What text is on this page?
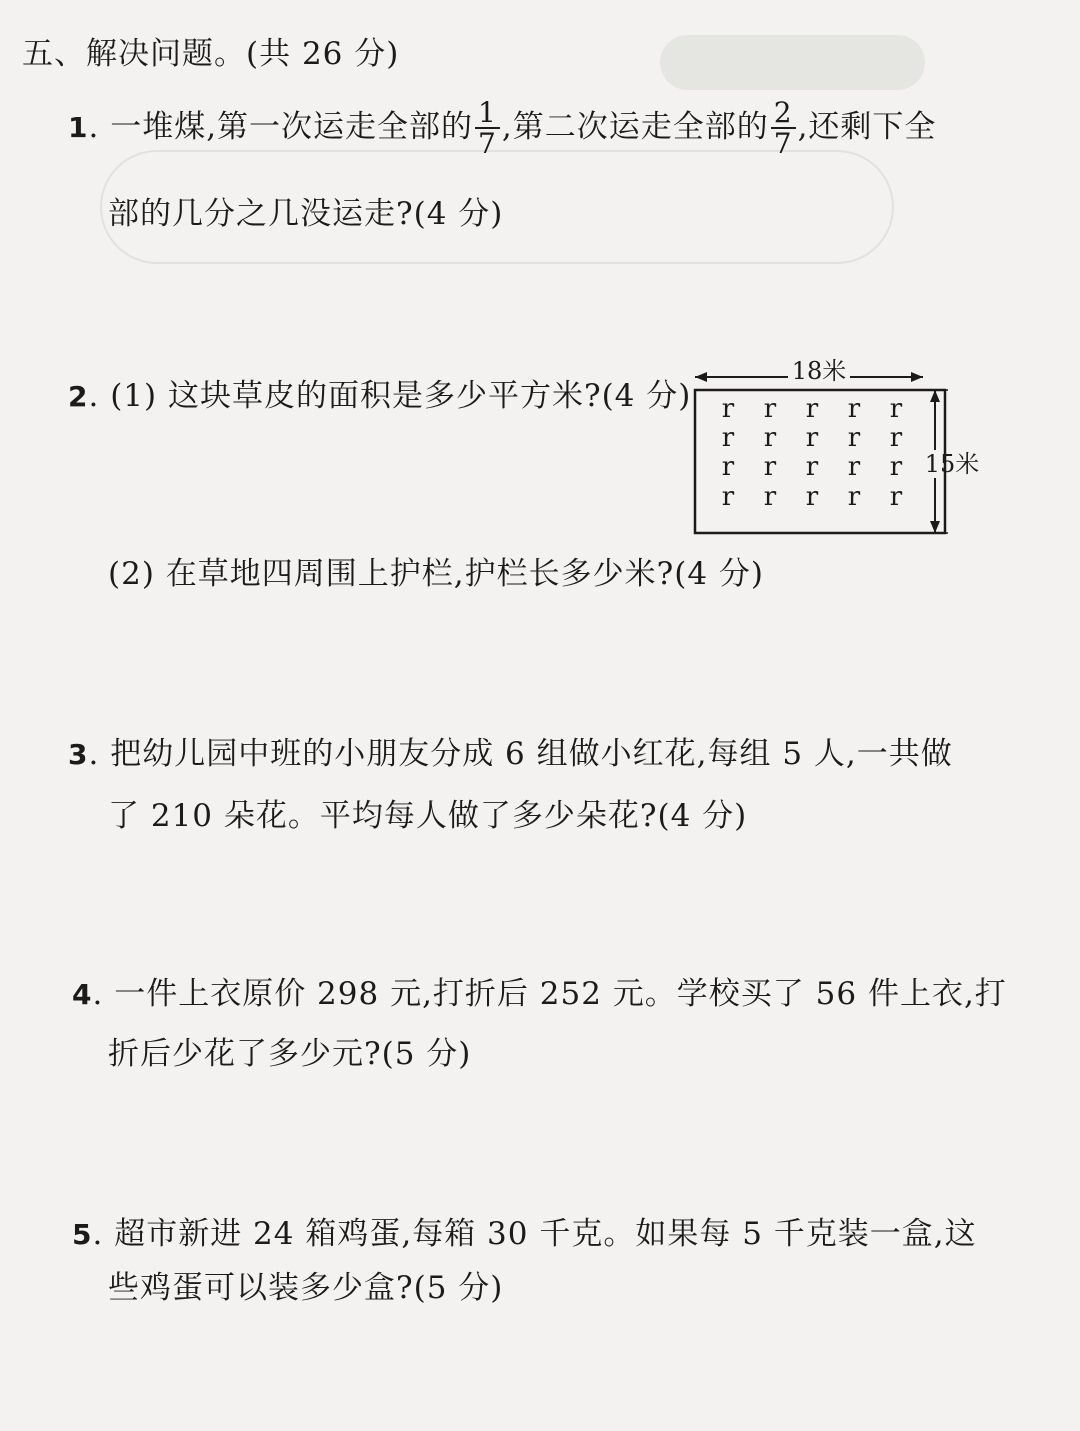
五、解决问题。(共 26 分)
1. 一堆煤,第一次运走全部的 $\frac{1}{7}$ ,第二次运走全部的 $\frac{2}{7}$ ,还剩下全
部的几分之几没运走?(4 分)
2. (1) 这块草皮的面积是多少平方米?(4 分)
(2) 在草地四周围上护栏,护栏长多少米?(4 分)
18米
15米
r r r r r
r r r r r
r r r r r
r r r r r
3. 把幼儿园中班的小朋友分成 6 组做小红花,每组 5 人,一共做
了 210 朵花。平均每人做了多少朵花?(4 分)
4. 一件上衣原价 298 元,打折后 252 元。学校买了 56 件上衣,打
折后少花了多少元?(5 分)
5. 超市新进 24 箱鸡蛋,每箱 30 千克。如果每 5 千克装一盒,这
些鸡蛋可以装多少盒?(5 分)
